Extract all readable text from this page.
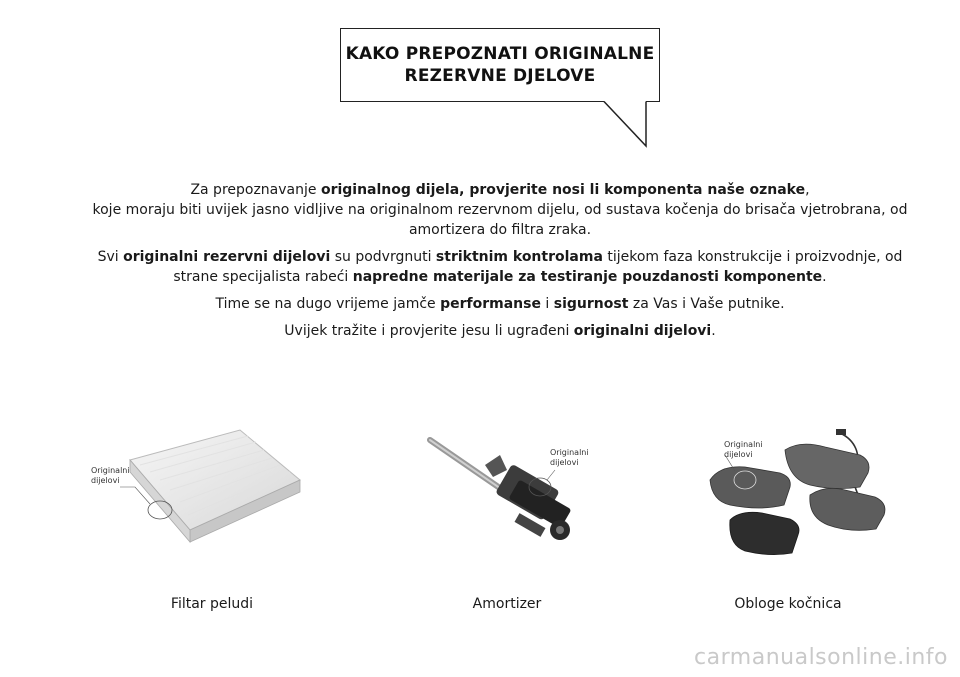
KAKO PREPOZNATI ORIGINALNE
REZERVNE DJELOVE

Za prepoznavanje originalnog dijela, provjerite nosi li komponenta naše oznake,
koje moraju biti uvijek jasno vidljive na originalnom rezervnom dijelu, od sustava kočenja do brisača vjetrobrana, od amortizera do filtra zraka.

Svi originalni rezervni dijelovi su podvrgnuti striktnim kontrolama tijekom faza konstrukcije i proizvodnje, od strane specijalista rabeći napredne materijale za testiranje pouzdanosti komponente.

Time se na dugo vrijeme jamče performanse i sigurnost za Vas i Vaše putnike.

Uvijek tražite i provjerite jesu li ugrađeni originalni dijelovi.

Originalni
dijelovi
Filtar peludi
Originalni
dijelovi
Amortizer
Originalni
dijelovi
Obloge kočnica
carmanualsonline.info
